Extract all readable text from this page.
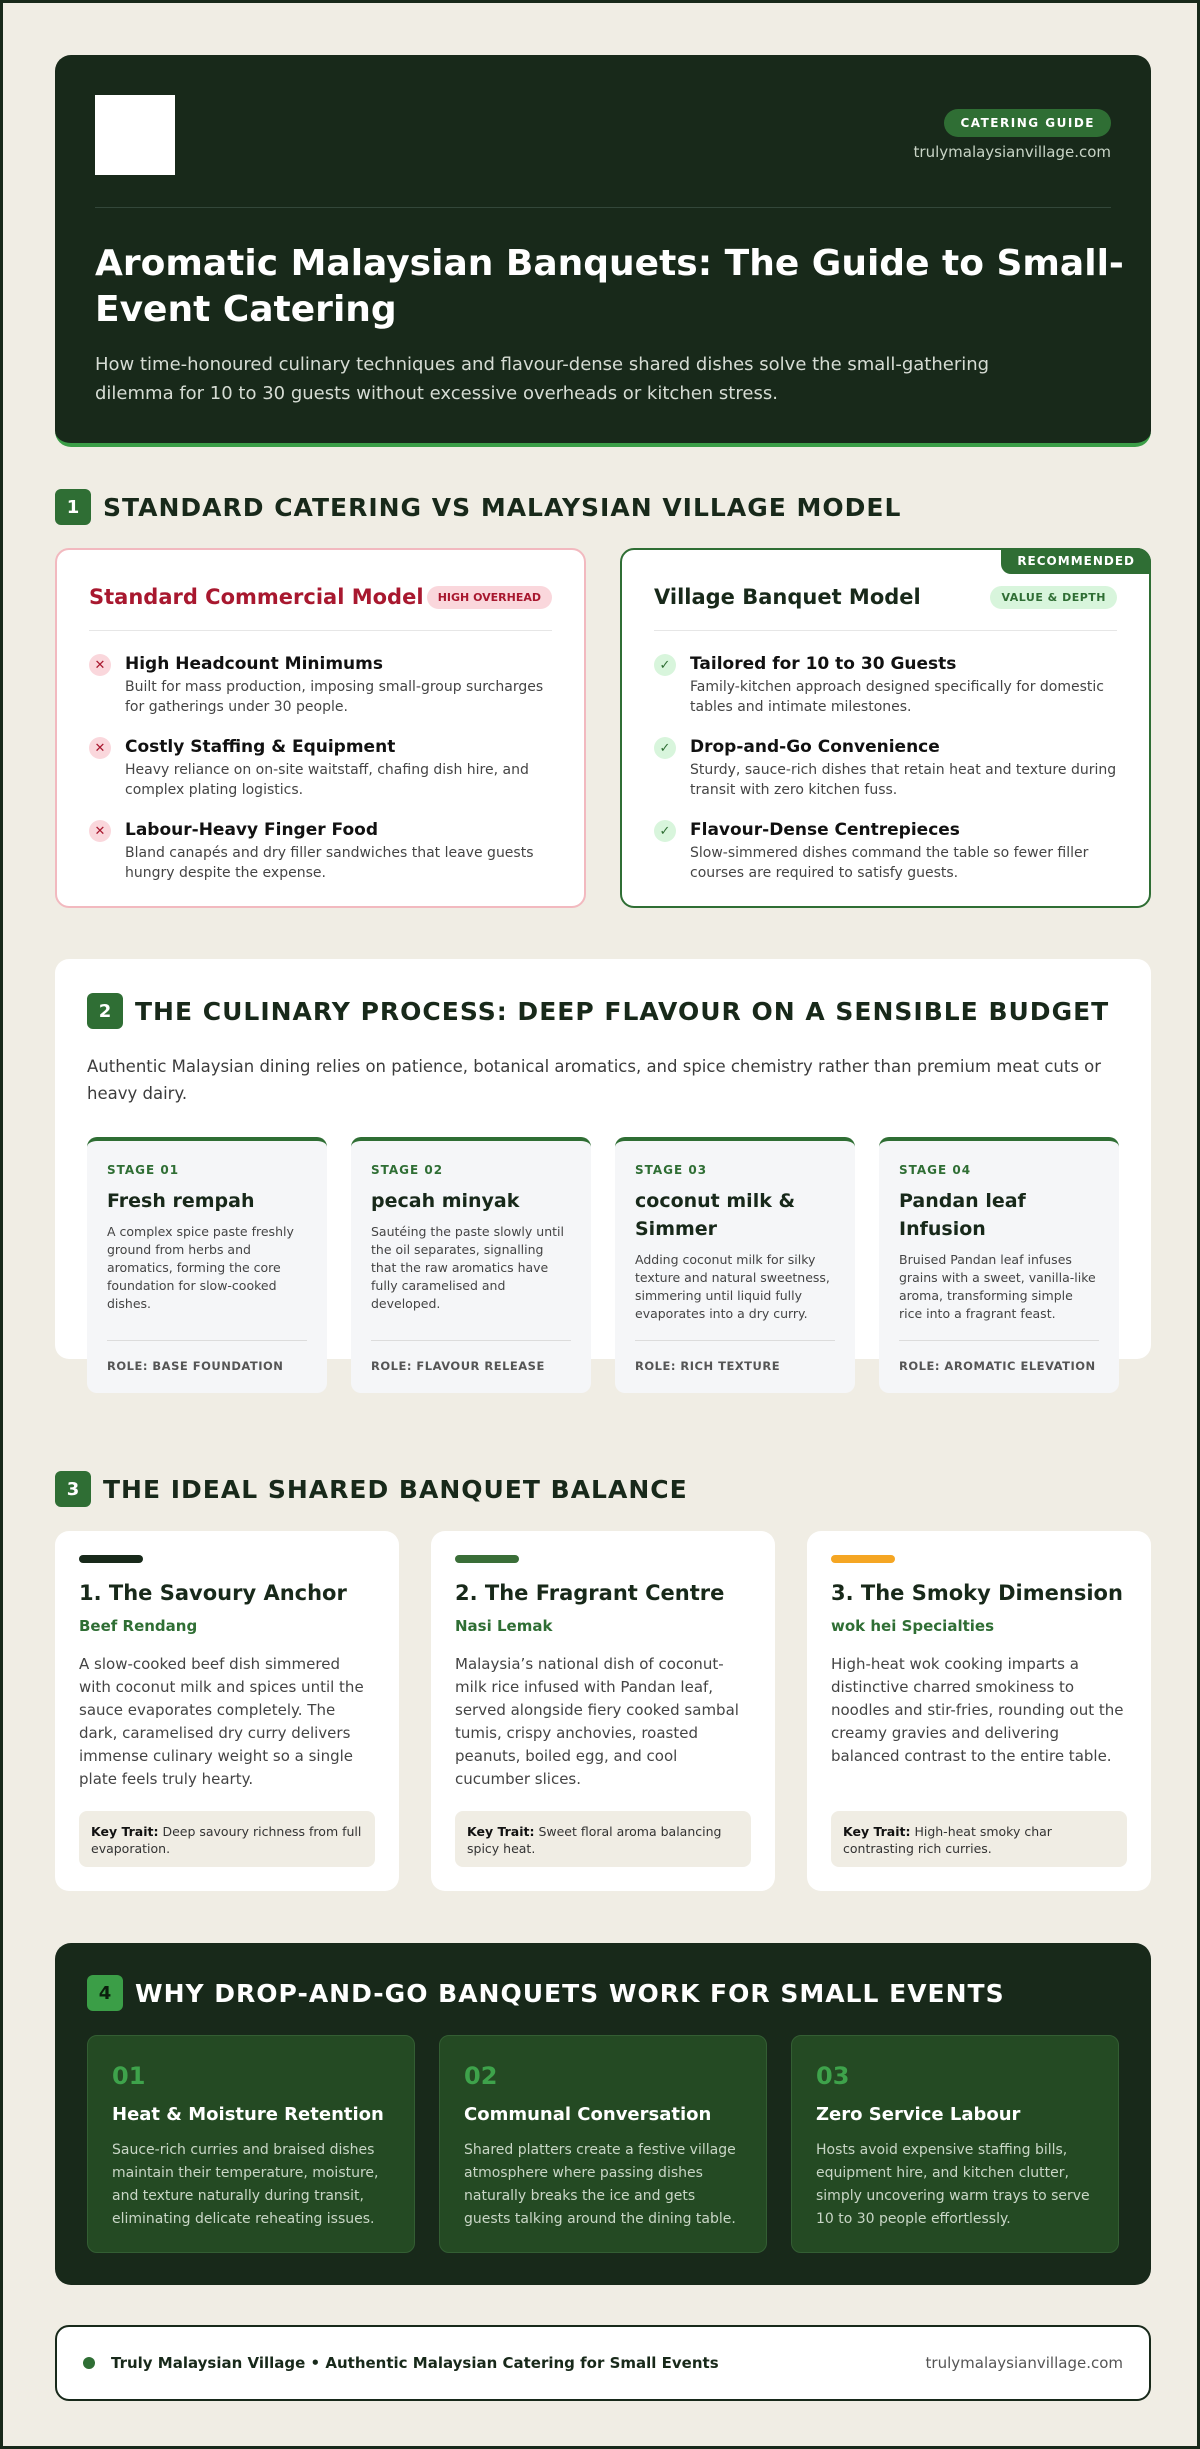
CATERING GUIDE
trulymalaysianvillage.com
Aromatic Malaysian Banquets: The Guide to Small-Event Catering

How time-honoured culinary techniques and flavour-dense shared dishes solve the small-gathering dilemma for 10 to 30 guests without excessive overheads or kitchen stress.

1 STANDARD CATERING VS MALAYSIAN VILLAGE MODEL
Standard Commercial Model	HIGH OVERHEAD
✕	High Headcount Minimums
Built for mass production, imposing small-group surcharges for gatherings under 30 people.
✕	Costly Staffing & Equipment
Heavy reliance on on-site waitstaff, chafing dish hire, and complex plating logistics.
✕	Labour-Heavy Finger Food
Bland canapés and dry filler sandwiches that leave guests hungry despite the expense.
RECOMMENDED
Village Banquet Model	VALUE & DEPTH
✓	Tailored for 10 to 30 Guests
Family-kitchen approach designed specifically for domestic tables and intimate milestones.
✓	Drop-and-Go Convenience
Sturdy, sauce-rich dishes that retain heat and texture during transit with zero kitchen fuss.
✓	Flavour-Dense Centrepieces
Slow-simmered dishes command the table so fewer filler courses are required to satisfy guests.
2 THE CULINARY PROCESS: DEEP FLAVOUR ON A SENSIBLE BUDGET

Authentic Malaysian dining relies on patience, botanical aromatics, and spice chemistry rather than premium meat cuts or heavy dairy.

STAGE 01
Fresh rempah
A complex spice paste freshly ground from herbs and aromatics, forming the core foundation for slow-cooked dishes.
ROLE: BASE FOUNDATION
STAGE 02
pecah minyak
Sautéing the paste slowly until the oil separates, signalling that the raw aromatics have fully caramelised and developed.
ROLE: FLAVOUR RELEASE
STAGE 03
coconut milk & Simmer
Adding coconut milk for silky texture and natural sweetness, simmering until liquid fully evaporates into a dry curry.
ROLE: RICH TEXTURE
STAGE 04
Pandan leaf Infusion
Bruised Pandan leaf infuses grains with a sweet, vanilla-like aroma, transforming simple rice into a fragrant feast.
ROLE: AROMATIC ELEVATION
3 THE IDEAL SHARED BANQUET BALANCE
1. The Savoury Anchor
Beef Rendang
A slow-cooked beef dish simmered with coconut milk and spices until the sauce evaporates completely. The dark, caramelised dry curry delivers immense culinary weight so a single plate feels truly hearty.
Key Trait: Deep savoury richness from full evaporation.
2. The Fragrant Centre
Nasi Lemak
Malaysia’s national dish of coconut-milk rice infused with Pandan leaf, served alongside fiery cooked sambal tumis, crispy anchovies, roasted peanuts, boiled egg, and cool cucumber slices.
Key Trait: Sweet floral aroma balancing spicy heat.
3. The Smoky Dimension
wok hei Specialties
High-heat wok cooking imparts a distinctive charred smokiness to noodles and stir-fries, rounding out the creamy gravies and delivering balanced contrast to the entire table.
Key Trait: High-heat smoky char contrasting rich curries.
4 WHY DROP-AND-GO BANQUETS WORK FOR SMALL EVENTS
01
Heat & Moisture Retention
Sauce-rich curries and braised dishes maintain their temperature, moisture, and texture naturally during transit, eliminating delicate reheating issues.
02
Communal Conversation
Shared platters create a festive village atmosphere where passing dishes naturally breaks the ice and gets guests talking around the dining table.
03
Zero Service Labour
Hosts avoid expensive staffing bills, equipment hire, and kitchen clutter, simply uncovering warm trays to serve 10 to 30 people effortlessly.
Truly Malaysian Village • Authentic Malaysian Catering for Small Events	trulymalaysianvillage.com
